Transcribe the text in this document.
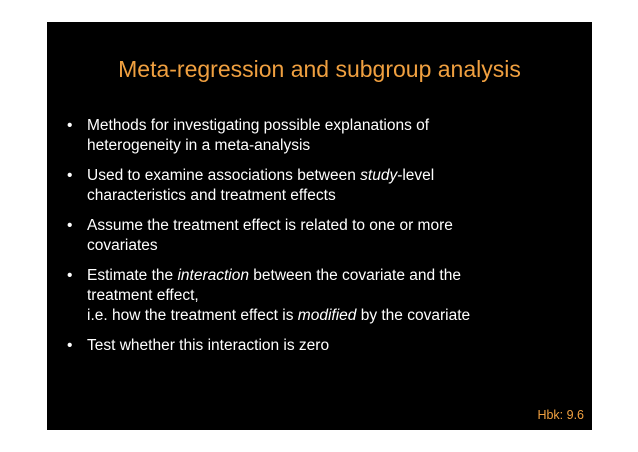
Meta-regression and subgroup analysis
• Methods for investigating possible explanations of
heterogeneity in a meta-analysis
• Used to examine associations between study-level
characteristics and treatment effects
• Assume the treatment effect is related to one or more
covariates
• Estimate the interaction between the covariate and the
treatment effect,
i.e. how the treatment effect is modified by the covariate
• Test whether this interaction is zero
Hbk: 9.6
